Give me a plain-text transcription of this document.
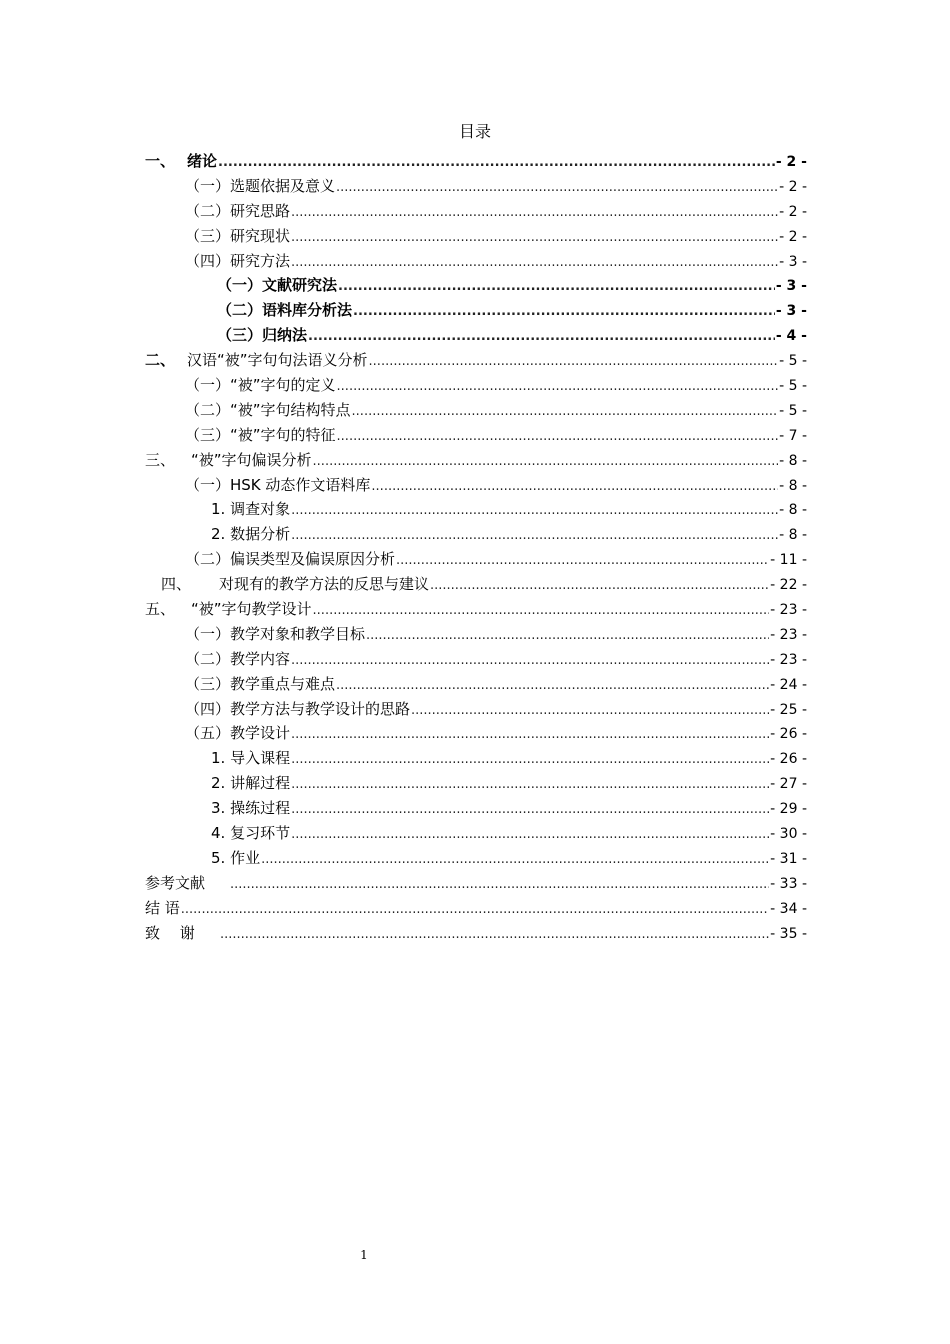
目录
一、 绪论 .....	- 2 -
（一）选题依据及意义 .....	- 2 -
（二）研究思路 .....	- 2 -
（三）研究现状 .....	- 2 -
（四）研究方法 .....	- 3 -
（一）文献研究法 .....	- 3 -
（二）语料库分析法 .....	- 3 -
（三）归纳法 .....	- 4 -
二、 汉语“被”字句句法语义分析 .....	- 5 -
（一）“被”字句的定义 .....	- 5 -
（二）“被”字句结构特点 .....	- 5 -
（三）“被”字句的特征 .....	- 7 -
三、	“被”字句偏误分析 .....	- 8 -
（一）HSK 动态作文语料库 .....	- 8 -
1. 调查对象 .....	- 8 -
2. 数据分析 .....	- 8 -
（二）偏误类型及偏误原因分析 .....	- 11 -
四、	对现有的教学方法的反思与建议 .....	- 22 -
五、	“被”字句教学设计 .....	- 23 -
（一）教学对象和教学目标 .....	- 23 -
（二）教学内容 .....	- 23 -
（三）教学重点与难点 .....	- 24 -
（四）教学方法与教学设计的思路 .....	- 25 -
（五）教学设计 .....	- 26 -
1. 导入课程 .....	- 26 -
2. 讲解过程 .....	- 27 -
3. 操练过程 .....	- 29 -
4. 复习环节 .....	- 30 -
5. 作业 .....	- 31 -
参考文献 .....	- 33 -
结 语 .....	- 34 -
致　 谢 .....	- 35 -
1
